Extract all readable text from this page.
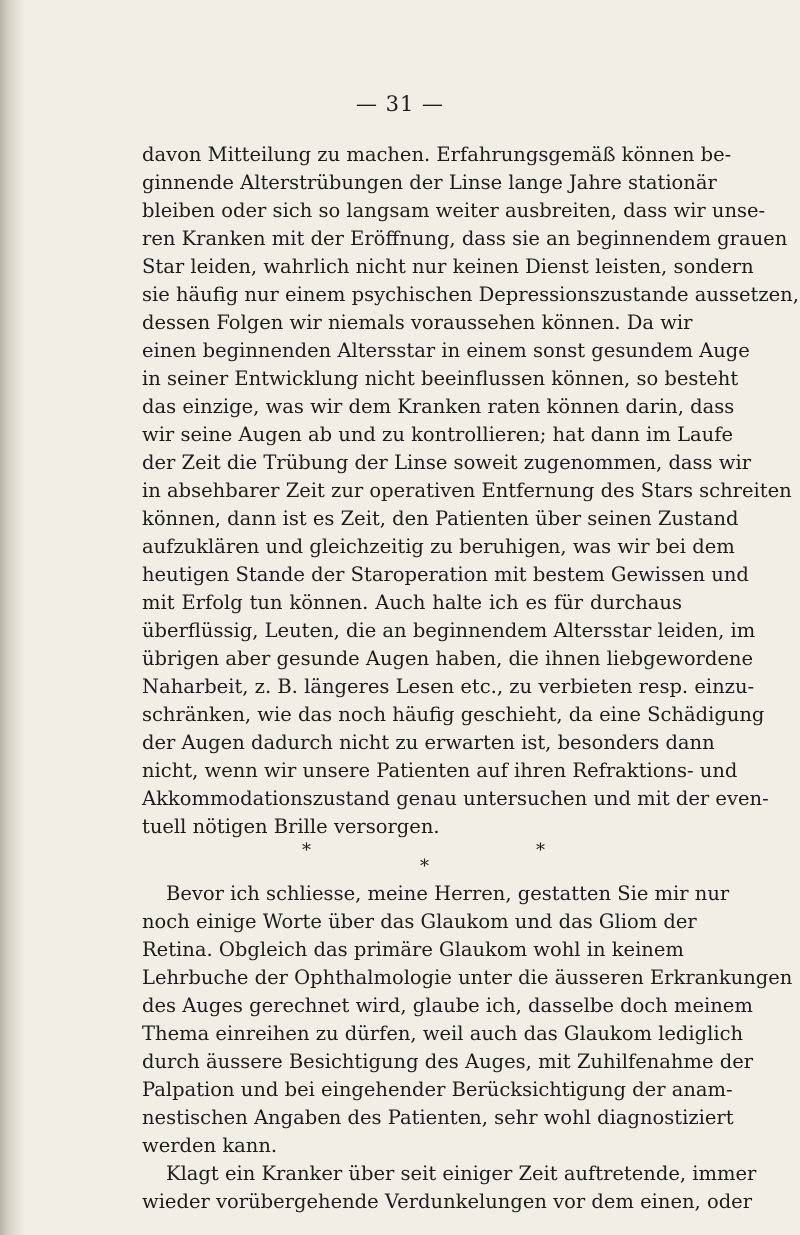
— 31 —
davon Mitteilung zu machen. Erfahrungsgemäß können be-
ginnende Alterstrübungen der Linse lange Jahre stationär
bleiben oder sich so langsam weiter ausbreiten, dass wir unse-
ren Kranken mit der Eröffnung, dass sie an beginnendem grauen
Star leiden, wahrlich nicht nur keinen Dienst leisten, sondern
sie häufig nur einem psychischen Depressionszustande aussetzen,
dessen Folgen wir niemals voraussehen können. Da wir
einen beginnenden Altersstar in einem sonst gesundem Auge
in seiner Entwicklung nicht beeinflussen können, so besteht
das einzige, was wir dem Kranken raten können darin, dass
wir seine Augen ab und zu kontrollieren; hat dann im Laufe
der Zeit die Trübung der Linse soweit zugenommen, dass wir
in absehbarer Zeit zur operativen Entfernung des Stars schreiten
können, dann ist es Zeit, den Patienten über seinen Zustand
aufzuklären und gleichzeitig zu beruhigen, was wir bei dem
heutigen Stande der Staroperation mit bestem Gewissen und
mit Erfolg tun können. Auch halte ich es für durchaus
überflüssig, Leuten, die an beginnendem Altersstar leiden, im
übrigen aber gesunde Augen haben, die ihnen liebgewordene
Naharbeit, z. B. längeres Lesen etc., zu verbieten resp. einzu-
schränken, wie das noch häufig geschieht, da eine Schädigung
der Augen dadurch nicht zu erwarten ist, besonders dann
nicht, wenn wir unsere Patienten auf ihren Refraktions- und
Akkommodationszustand genau untersuchen und mit der even-
tuell nötigen Brille versorgen.
*	*
*
Bevor ich schliesse, meine Herren, gestatten Sie mir nur
noch einige Worte über das Glaukom und das Gliom der
Retina. Obgleich das primäre Glaukom wohl in keinem
Lehrbuche der Ophthalmologie unter die äusseren Erkrankungen
des Auges gerechnet wird, glaube ich, dasselbe doch meinem
Thema einreihen zu dürfen, weil auch das Glaukom lediglich
durch äussere Besichtigung des Auges, mit Zuhilfenahme der
Palpation und bei eingehender Berücksichtigung der anam-
nestischen Angaben des Patienten, sehr wohl diagnostiziert
werden kann.
Klagt ein Kranker über seit einiger Zeit auftretende, immer
wieder vorübergehende Verdunkelungen vor dem einen, oder
